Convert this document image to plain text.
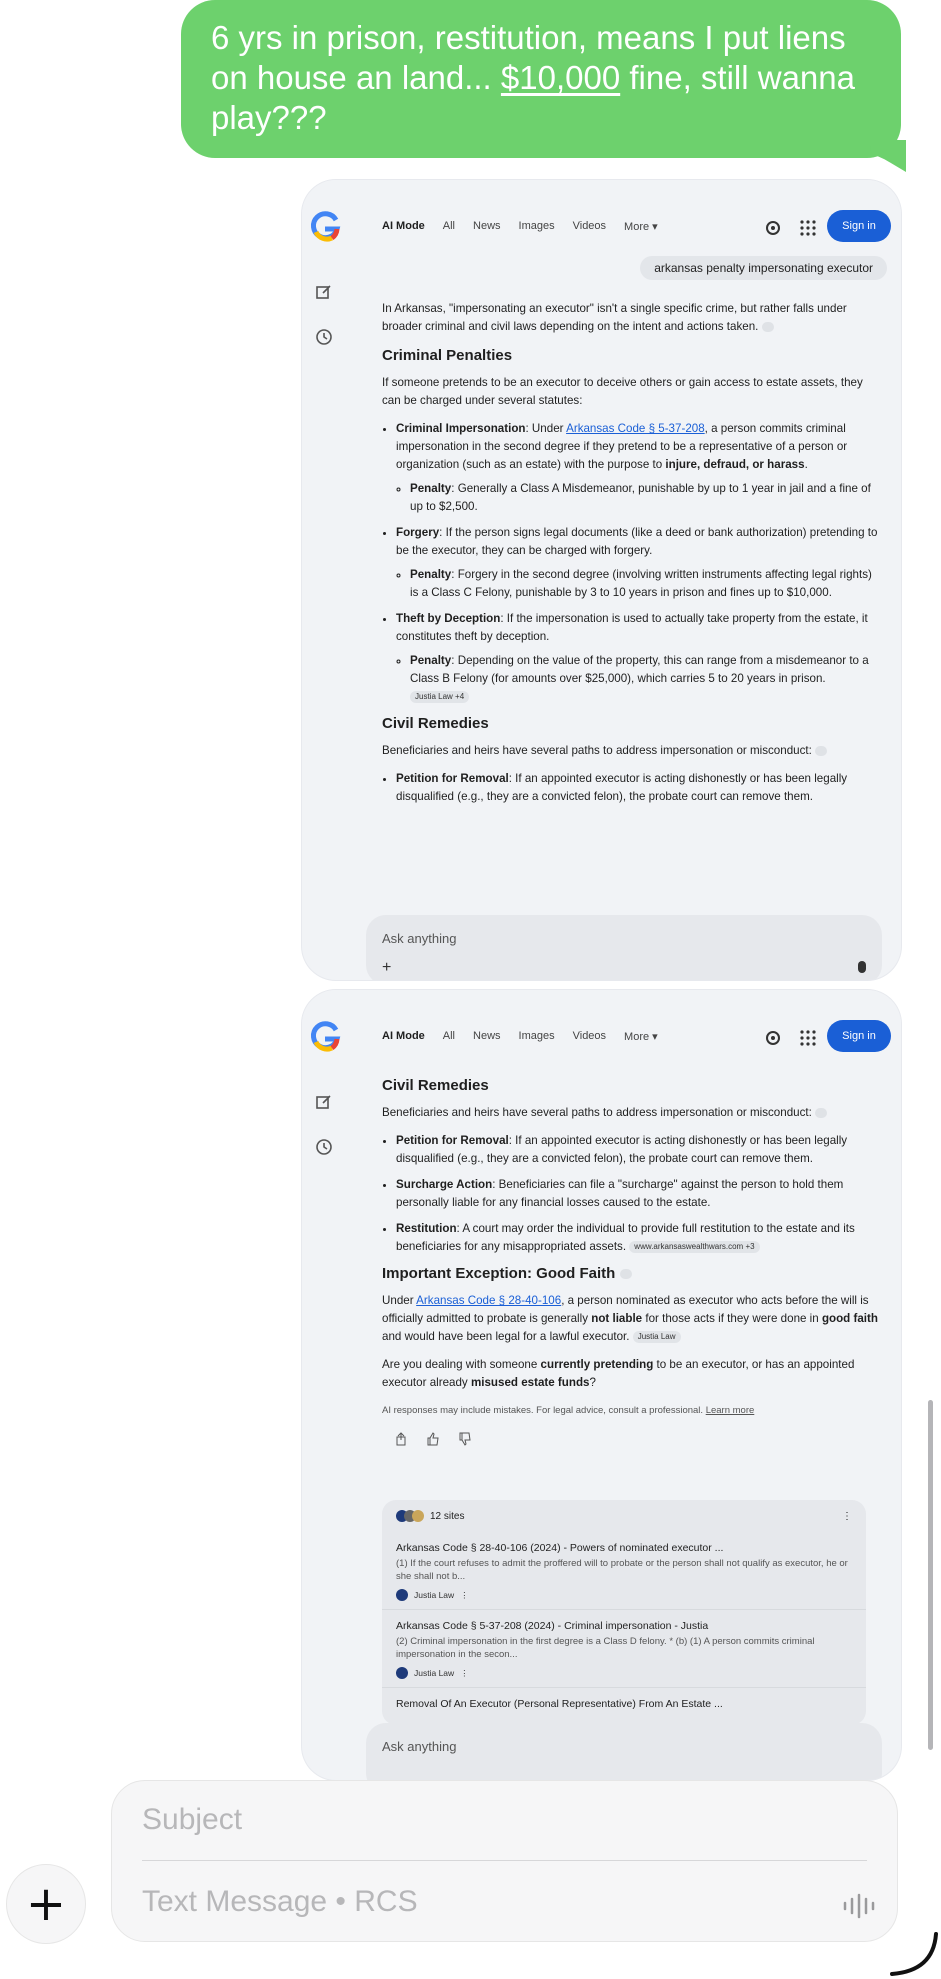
6 yrs in prison, restitution, means I put liens on house an land... $10,000 fine, still wanna play???
AI Mode All News Images Videos More ▾	Sign in
arkansas penalty impersonating executor

In Arkansas, "impersonating an executor" isn't a single specific crime, but rather falls under broader criminal and civil laws depending on the intent and actions taken.

Criminal Penalties

If someone pretends to be an executor to deceive others or gain access to estate assets, they can be charged under several statutes:

• Criminal Impersonation: Under Arkansas Code § 5-37-208, a person commits criminal impersonation in the second degree if they pretend to be a representative of a person or organization (such as an estate) with the purpose to injure, defraud, or harass.
◦ Penalty: Generally a Class A Misdemeanor, punishable by up to 1 year in jail and a fine of up to $2,500.
• Forgery: If the person signs legal documents (like a deed or bank authorization) pretending to be the executor, they can be charged with forgery.
◦ Penalty: Forgery in the second degree (involving written instruments affecting legal rights) is a Class C Felony, punishable by 3 to 10 years in prison and fines up to $10,000.
• Theft by Deception: If the impersonation is used to actually take property from the estate, it constitutes theft by deception.
◦ Penalty: Depending on the value of the property, this can range from a misdemeanor to a Class B Felony (for amounts over $25,000), which carries 5 to 20 years in prison. Justia Law +4
Civil Remedies

Beneficiaries and heirs have several paths to address impersonation or misconduct:

• Petition for Removal: If an appointed executor is acting dishonestly or has been legally disqualified (e.g., they are a convicted felon), the probate court can remove them.
Ask anything
+
AI Mode All News Images Videos More ▾	Sign in
Civil Remedies

Beneficiaries and heirs have several paths to address impersonation or misconduct:

• Petition for Removal: If an appointed executor is acting dishonestly or has been legally disqualified (e.g., they are a convicted felon), the probate court can remove them.
• Surcharge Action: Beneficiaries can file a "surcharge" against the person to hold them personally liable for any financial losses caused to the estate.
• Restitution: A court may order the individual to provide full restitution to the estate and its beneficiaries for any misappropriated assets. www.arkansaswealthwars.com +3
Important Exception: Good Faith

Under Arkansas Code § 28-40-106, a person nominated as executor who acts before the will is officially admitted to probate is generally not liable for those acts if they were done in good faith and would have been legal for a lawful executor. Justia Law

Are you dealing with someone currently pretending to be an executor, or has an appointed executor already misused estate funds?

AI responses may include mistakes. For legal advice, consult a professional. Learn more

12 sites	⋮
Arkansas Code § 28-40-106 (2024) - Powers of nominated executor ...
(1) If the court refuses to admit the proffered will to probate or the person shall not qualify as executor, he or she shall not b...
Justia Law ⋮
Arkansas Code § 5-37-208 (2024) - Criminal impersonation - Justia
(2) Criminal impersonation in the first degree is a Class D felony. * (b) (1) A person commits criminal impersonation in the secon...
Justia Law ⋮
Removal Of An Executor (Personal Representative) From An Estate ...
Ask anything
+
Subject
Text Message • RCS
